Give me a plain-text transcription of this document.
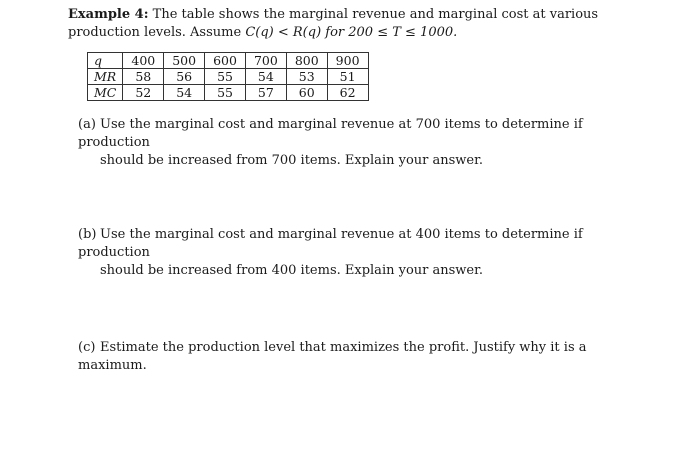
Example 4: The table shows the marginal revenue and marginal cost at various production levels. Assume C(q) < R(q) for 200 ≤ T ≤ 1000.
q	400	500	600	700	800	900
MR	58	56	55	54	53	51
MC	52	54	55	57	60	62
(a) Use the marginal cost and marginal revenue at 700 items to determine if production
should be increased from 700 items. Explain your answer.
(b) Use the marginal cost and marginal revenue at 400 items to determine if production
should be increased from 400 items. Explain your answer.
(c) Estimate the production level that maximizes the profit. Justify why it is a maximum.
